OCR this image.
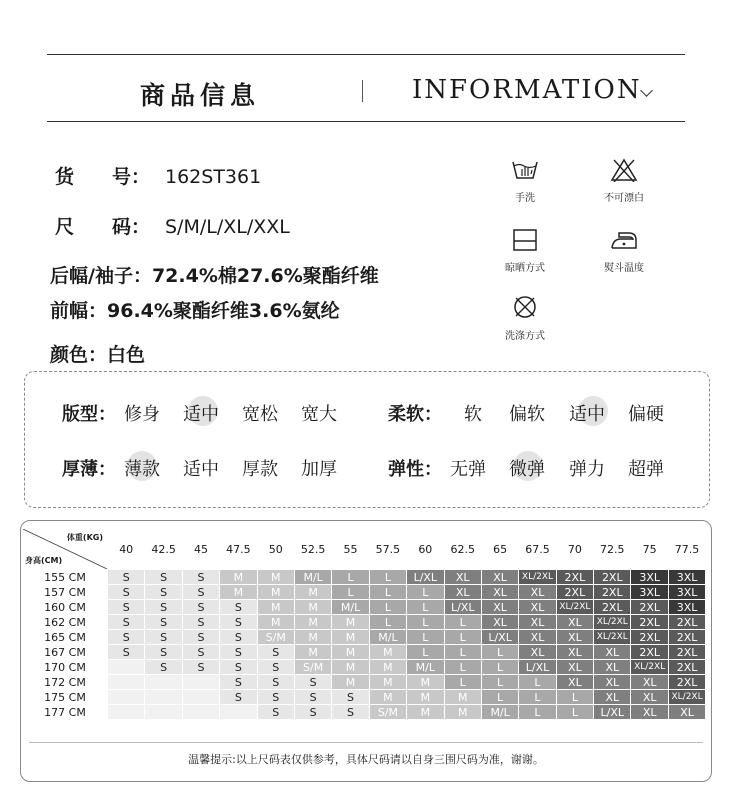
商品信息	INFORMATION
货　　号： 162ST361
尺　　码： S/M/L/XL/XXL
后幅/袖子：72.4%棉27.6%聚酯纤维
前幅：96.4%聚酯纤维3.6%氨纶
颜色：白色
手洗	不可漂白
晾晒方式	熨斗温度
洗涤方式
版型： 修身 适中 宽松 宽大	柔软： 软 偏软 适中 偏硬
厚薄： 薄款 适中 厚款 加厚	弹性： 无弹 微弹 弹力 超弹
体重(KG)
身高(CM)	40	42.5	45	47.5	50	52.5	55	57.5	60	62.5	65	67.5	70	72.5	75	77.5
155 CM	S	S	S	M	M	M/L	L	L	L/XL	XL	XL	XL/2XL	2XL	2XL	3XL	3XL
157 CM	S	S	S	M	M	M	L	L	L	XL	XL	XL	2XL	2XL	3XL	3XL
160 CM	S	S	S	S	M	M	M/L	L	L	L/XL	XL	XL	XL/2XL	2XL	2XL	3XL
162 CM	S	S	S	S	M	M	M	L	L	L	XL	XL	XL	XL/2XL	2XL	2XL
165 CM	S	S	S	S	S/M	M	M	M/L	L	L	L/XL	XL	XL	XL/2XL	2XL	2XL
167 CM	S	S	S	S	S	M	M	M	L	L	L	XL	XL	XL	2XL	2XL
170 CM		S	S	S	S	S/M	M	M	M/L	L	L	L/XL	XL	XL	XL/2XL	2XL
172 CM				S	S	S	M	M	M	L	L	L	XL	XL	XL	2XL
175 CM				S	S	S	S	M	M	M	L	L	L	XL	XL	XL/2XL
177 CM					S	S	S	S/M	M	M	M/L	L	L	L/XL	XL	XL
温馨提示:以上尺码表仅供参考，具体尺码请以自身三围尺码为准，谢谢。
